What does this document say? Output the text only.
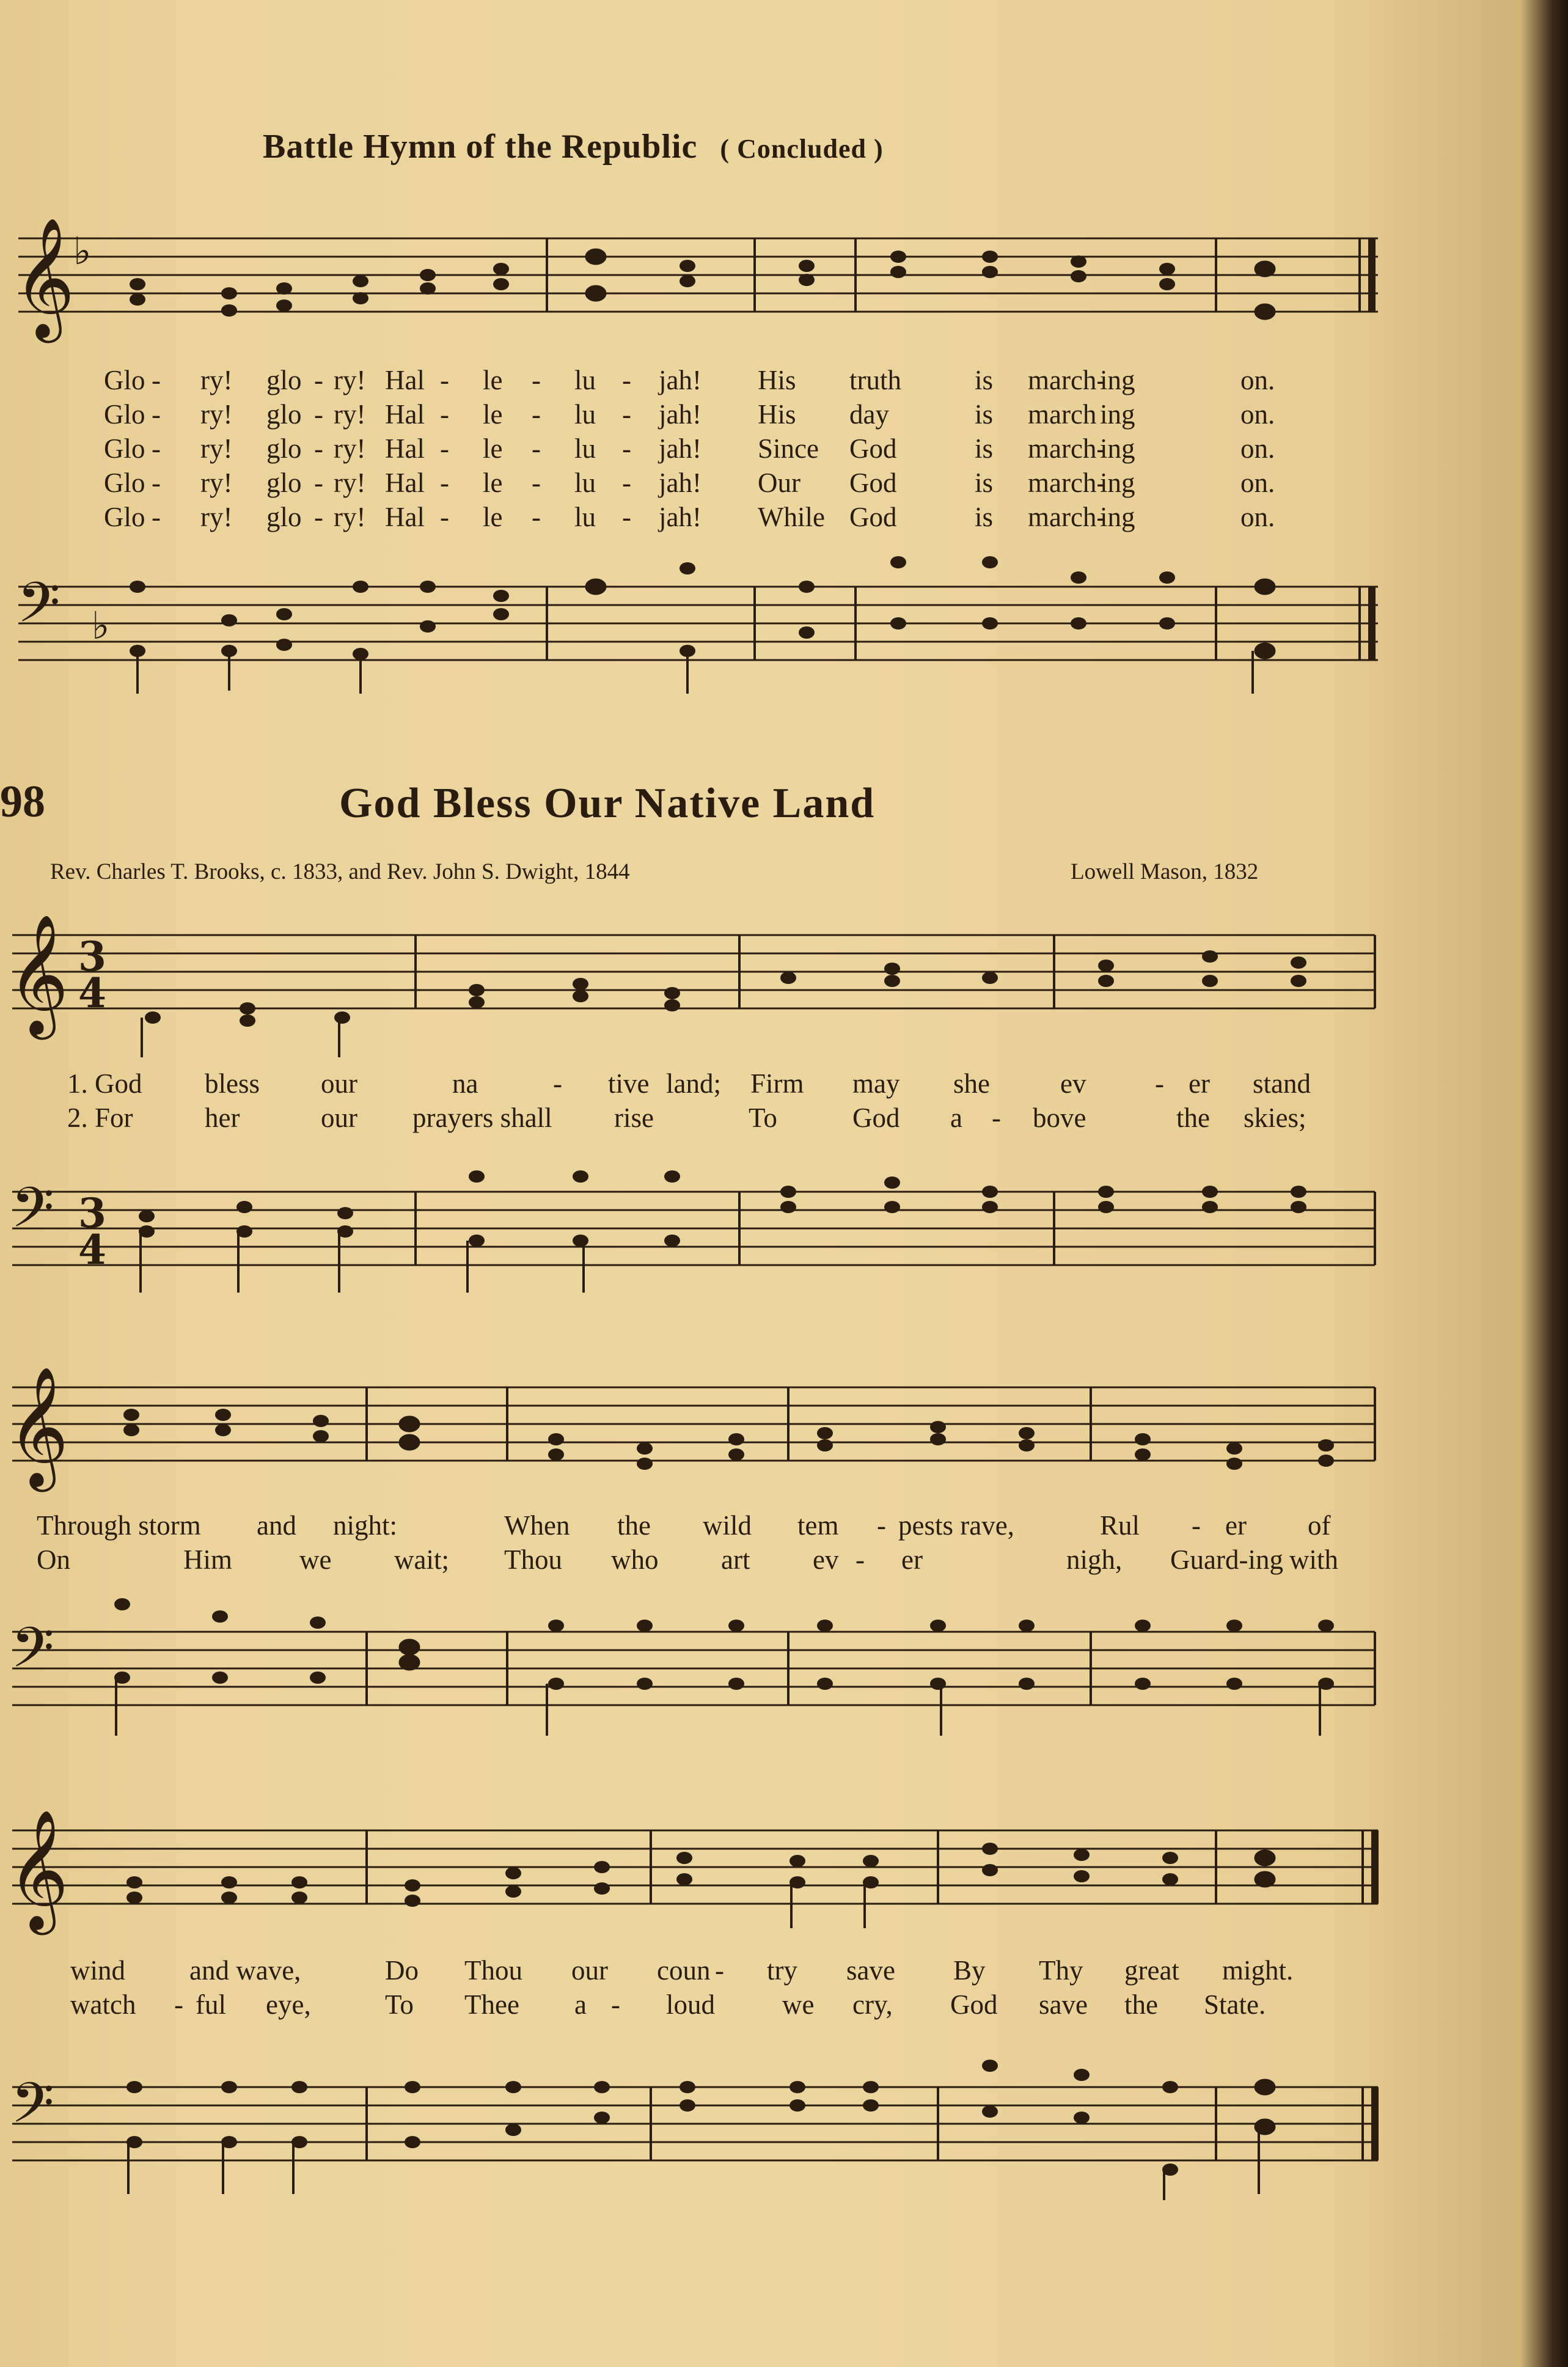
Battle Hymn of the Republic ( Concluded )
𝄞
♭
Glo - ry! glo - ry! Hal - le - lu - jah! His truth	is march-
ing	on.
Glo - ry! glo - ry! Hal - le - lu - jah! His day	is march ing	on.
Glo - ry! glo - ry! Hal - le - lu - jah! Since God	is march-
ing	on.
Glo - ry! glo - ry! Hal - le - lu - jah! Our God	is march-
ing	on.
Glo - ry! glo - ry! Hal - le - lu - jah! While God	is march-
ing	on.
𝄢 ♭
98	God Bless Our Native Land
Rev. Charles T. Brooks, c. 1833, and Rev. John S. Dwight, 1844	Lowell Mason, 1832
𝄞 3
4
1. God bless our	na	- tive land; Firm may she	ev	- er stand
2. For	her	our prayers shall rise	To	God a - bove	the skies;
𝄢 3
4
𝄞
Through storm and night:	When the wild tem - pests rave,	Rul - er of
On	Him we wait; Thou who art ev - er	nigh, Guard-ing with
𝄢
𝄞
wind and wave,	Do Thou our coun - try save By Thy great might.
watch - ful eye,	To Thee a - loud we cry, God save the State.
𝄢
